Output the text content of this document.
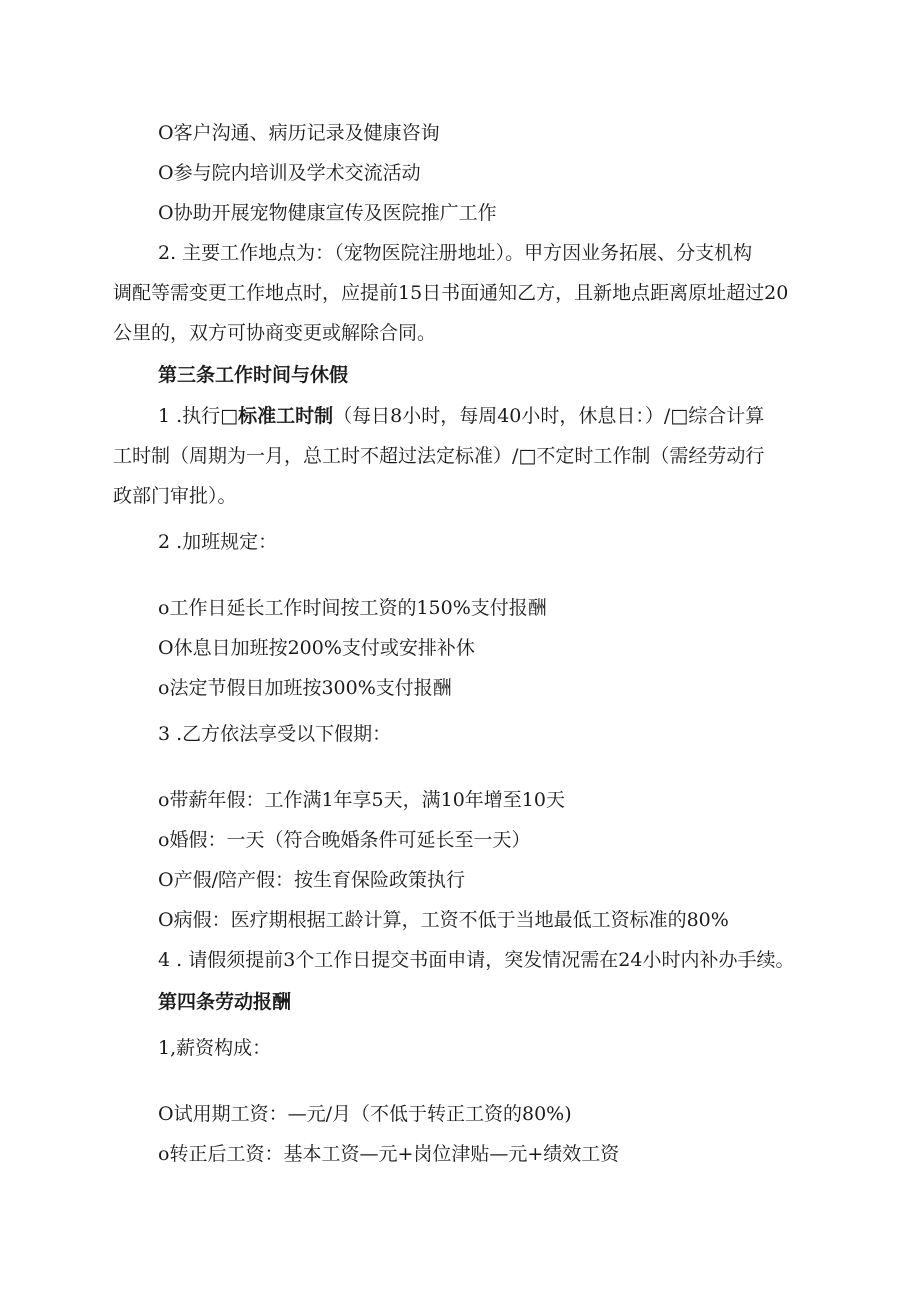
O客户沟通、病历记录及健康咨询
O参与院内培训及学术交流活动
O协助开展宠物健康宣传及医院推广工作
2. 主要工作地点为：（宠物医院注册地址）。甲方因业务拓展、分支机构
调配等需变更工作地点时，应提前15日书面通知乙方，且新地点距离原址超过20
公里的，双方可协商变更或解除合同。
第三条工作时间与休假
1 .执行□标准工时制（每日8小时，每周40小时，休息日：）/□综合计算
工时制（周期为一月，总工时不超过法定标准）/□不定时工作制（需经劳动行
政部门审批）。
2 .加班规定：
o工作日延长工作时间按工资的150%支付报酬
O休息日加班按200%支付或安排补休
o法定节假日加班按300%支付报酬
3 .乙方依法享受以下假期：
o带薪年假：工作满1年享5天，满10年增至10天
o婚假：一天（符合晚婚条件可延长至一天）
O产假/陪产假：按生育保险政策执行
O病假：医疗期根据工龄计算，工资不低于当地最低工资标准的80%
4 . 请假须提前3个工作日提交书面申请，突发情况需在24小时内补办手续。
第四条劳动报酬
1,薪资构成：
O试用期工资：—元/月（不低于转正工资的80%)
o转正后工资：基本工资—元+岗位津贴—元+绩效工资
